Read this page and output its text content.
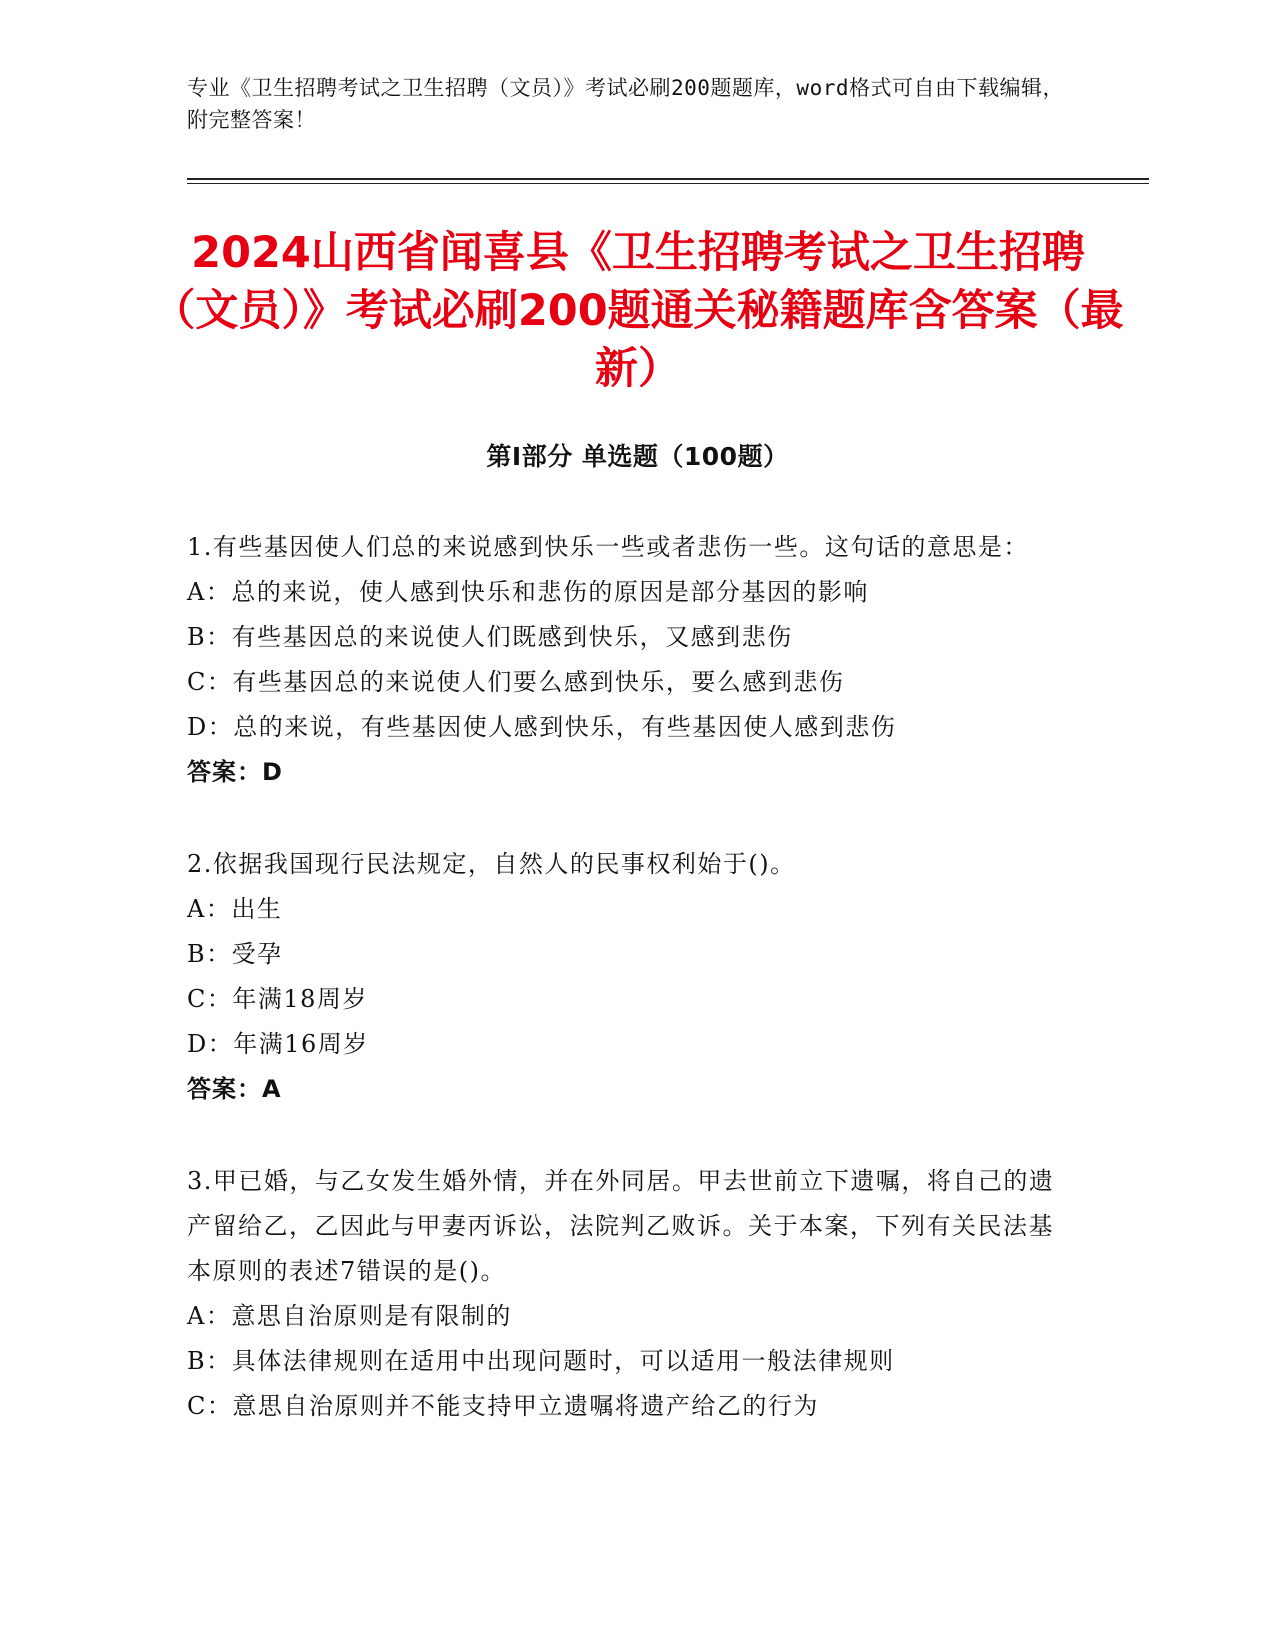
专业《卫生招聘考试之卫生招聘（文员）》考试必刷200题题库，word格式可自由下载编辑，附完整答案！
2024山西省闻喜县《卫生招聘考试之卫生招聘（文员）》考试必刷200题通关秘籍题库含答案（最新）
第Ⅰ部分 单选题（100题）

1.有些基因使人们总的来说感到快乐一些或者悲伤一些。这句话的意思是：

A：总的来说，使人感到快乐和悲伤的原因是部分基因的影响

B：有些基因总的来说使人们既感到快乐，又感到悲伤

C：有些基因总的来说使人们要么感到快乐，要么感到悲伤

D：总的来说，有些基因使人感到快乐，有些基因使人感到悲伤

答案：D

2.依据我国现行民法规定，自然人的民事权利始于()。

A：出生

B：受孕

C：年满18周岁

D：年满16周岁

答案：A

3.甲已婚，与乙女发生婚外情，并在外同居。甲去世前立下遗嘱，将自己的遗产留给乙，乙因此与甲妻丙诉讼，法院判乙败诉。关于本案，下列有关民法基本原则的表述7错误的是()。

A：意思自治原则是有限制的

B：具体法律规则在适用中出现问题时，可以适用一般法律规则

C：意思自治原则并不能支持甲立遗嘱将遗产给乙的行为
